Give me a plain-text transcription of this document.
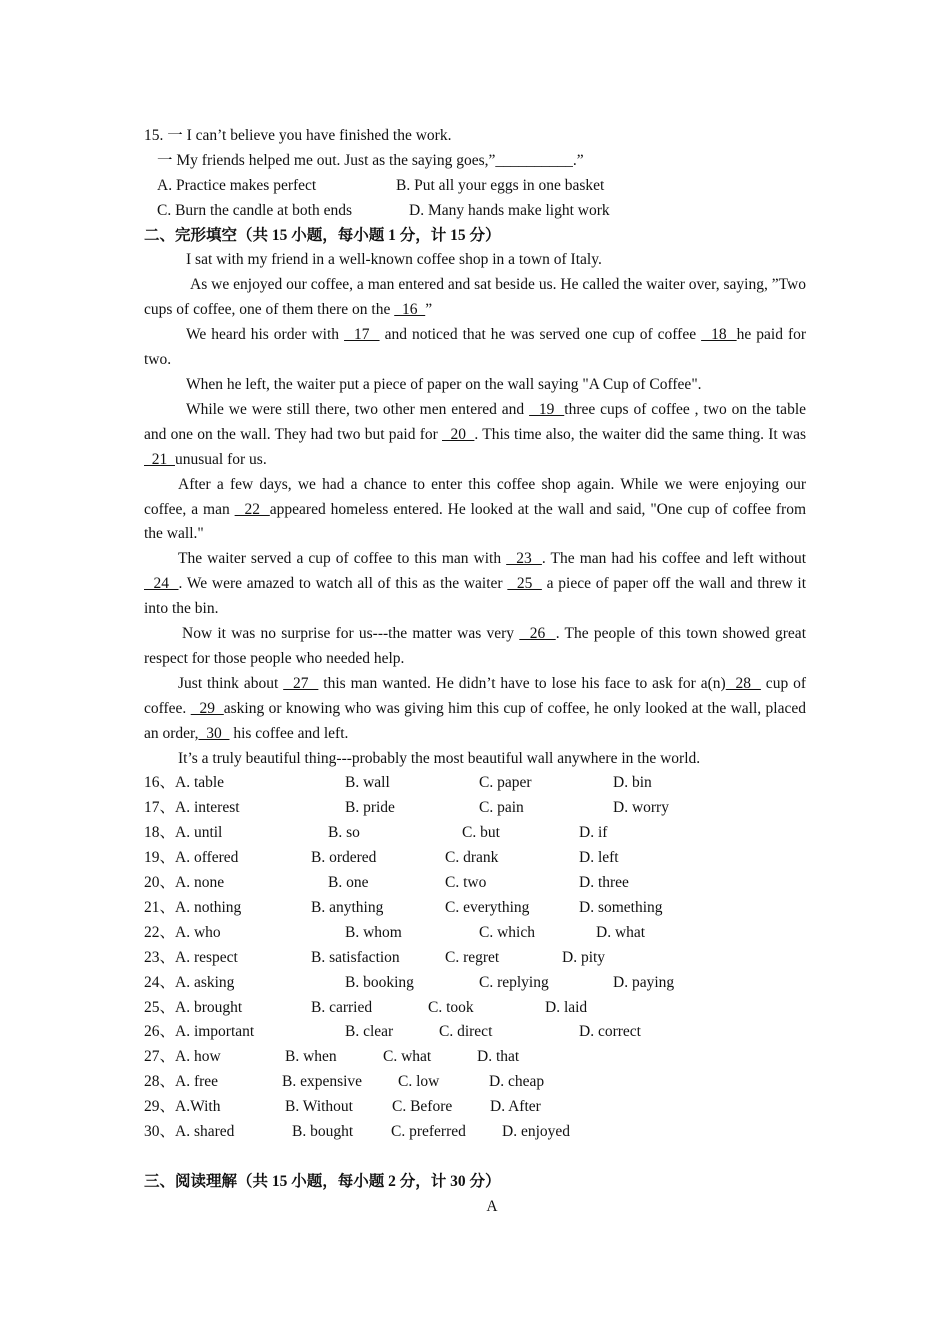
15. 一 I can’t believe you have finished the work.
一 My friends helped me out. Just as the saying goes,”__________.”
A. Practice makes perfect	B. Put all your eggs in one basket
C. Burn the candle at both ends	D. Many hands make light work
二、完形填空（共 15 小题，每小题 1 分，计 15 分）

I sat with my friend in a well-known coffee shop in a town of Italy.

As we enjoyed our coffee, a man entered and sat beside us. He called the waiter over, saying, ”Two cups of coffee, one of them there on the   16  ”

We heard his order with   17   and noticed that he was served one cup of coffee   18  he paid for two.

When he left, the waiter put a piece of paper on the wall saying "A Cup of Coffee".

While we were still there, two other men entered and   19  three cups of coffee , two on the table and one on the wall. They had two but paid for   20  . This time also, the waiter did the same thing. It was   21  unusual for us.

After a few days, we had a chance to enter this coffee shop again. While we were enjoying our coffee, a man   22  appeared homeless entered. He looked at the wall and said, "One cup of coffee from the wall."

The waiter served a cup of coffee to this man with   23  . The man had his coffee and left without   24  . We were amazed to watch all of this as the waiter   25   a piece of paper off the wall and threw it into the bin.

Now it was no surprise for us---the matter was very   26  . The people of this town showed great respect for those people who needed help.

Just think about   27   this man wanted. He didn’t have to lose his face to ask for a(n)  28   cup of coffee.   29  asking or knowing who was giving him this cup of coffee, he only looked at the wall, placed an order,  30   his coffee and left.

It’s a truly beautiful thing---probably the most beautiful wall anywhere in the world.

16、A. table	B. wall	C. paper	D. bin
17、A. interest	B. pride	C. pain	D. worry
18、A. until	B. so	C. but	D. if
19、A. offered	B. ordered	C. drank	D. left
20、A. none	B. one	C. two	D. three
21、A. nothing	B. anything	C. everything	D. something
22、A. who	B. whom	C. which	D. what
23、A. respect	B. satisfaction	C. regret	D. pity
24、A. asking	B. booking	C. replying	D. paying
25、A. brought	B. carried	C. took	D. laid
26、A. important	B. clear	C. direct	D. correct
27、A. how	B. when	C. what	D. that
28、A. free	B. expensive C. low	D. cheap
29、A.With	B. Without	C. Before D. After
30、A. shared	B. bought C. preferred D. enjoyed
三、阅读理解（共 15 小题，每小题 2 分，计 30 分）
A
